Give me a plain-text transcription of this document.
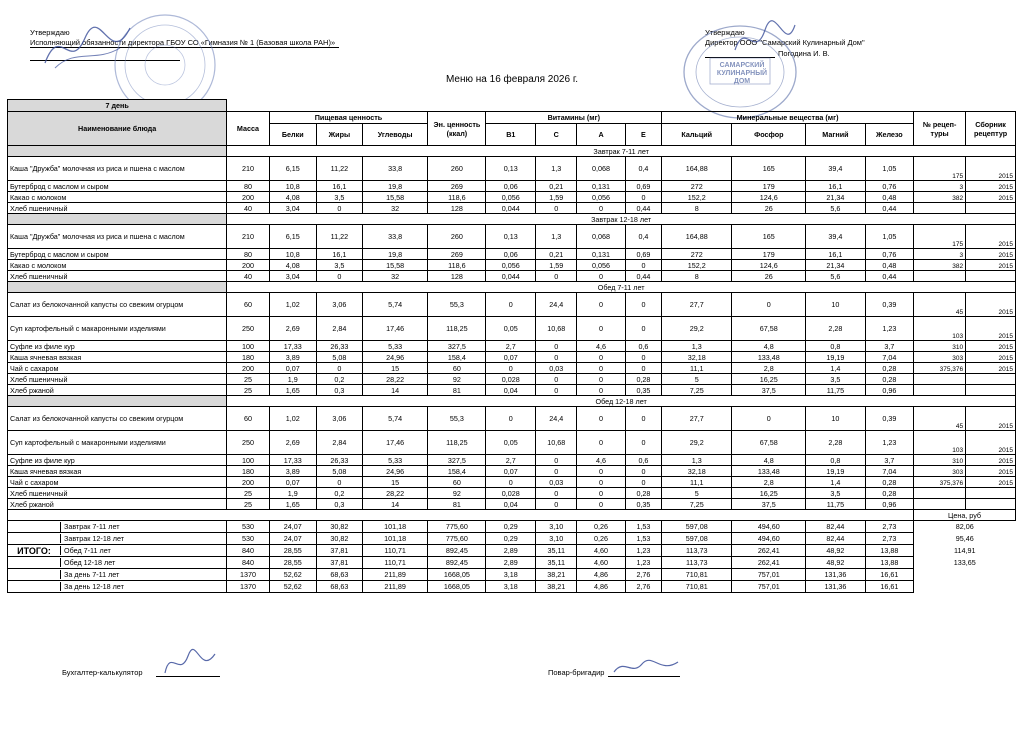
Утверждаю
Исполняющий обязанности директора ГБОУ СО «Гимназия № 1 (Базовая школа РАН)»
Утверждаю
Директор ООО "Самарский Кулинарный Дом"
Погодина И. В.
САМАРСКИЙ КУЛИНАРНЫЙ ДОМ
Меню на 16 февраля 2026 г.
7 день															
Наименование блюда	Масса	Пищевая ценность			Эн. ценность (ккал)	Витамины (мг)				Минеральные вещества (мг)				№ рецеп-туры	Сборник рецептур
		Белки	Жиры	Углеводы		B1	C	A	E	Кальций	Фосфор	Магний	Железо		
	Завтрак 7-11 лет														
Каша "Дружба" молочная из риса и пшена с маслом	210	6,15	11,22	33,8	260	0,13	1,3	0,068	0,4	164,88	165	39,4	1,05	175	2015
Бутерброд с маслом и сыром	80	10,8	16,1	19,8	269	0,06	0,21	0,131	0,69	272	179	16,1	0,76	3	2015
Какао с молоком	200	4,08	3,5	15,58	118,6	0,056	1,59	0,056	0	152,2	124,6	21,34	0,48	382	2015
Хлеб пшеничный	40	3,04	0	32	128	0,044	0	0	0,44	8	26	5,6	0,44		
	Завтрак 12-18 лет														
Каша "Дружба" молочная из риса и пшена с маслом	210	6,15	11,22	33,8	260	0,13	1,3	0,068	0,4	164,88	165	39,4	1,05	175	2015
Бутерброд с маслом и сыром	80	10,8	16,1	19,8	269	0,06	0,21	0,131	0,69	272	179	16,1	0,76	3	2015
Какао с молоком	200	4,08	3,5	15,58	118,6	0,056	1,59	0,056	0	152,2	124,6	21,34	0,48	382	2015
Хлеб пшеничный	40	3,04	0	32	128	0,044	0	0	0,44	8	26	5,6	0,44		
	Обед 7-11 лет														
Салат из белокочанной капусты со свежим огурцом	60	1,02	3,06	5,74	55,3	0	24,4	0	0	27,7	0	10	0,39	45	2015
Суп картофельный с макаронными изделиями	250	2,69	2,84	17,46	118,25	0,05	10,68	0	0	29,2	67,58	2,28	1,23	103	2015
Суфле из филе кур	100	17,33	26,33	5,33	327,5	2,7	0	4,6	0,6	1,3	4,8	0,8	3,7	310	2015
Каша ячневая вязкая	180	3,89	5,08	24,96	158,4	0,07	0	0	0	32,18	133,48	19,19	7,04	303	2015
Чай с сахаром	200	0,07	0	15	60	0	0,03	0	0	11,1	2,8	1,4	0,28	375,376	2015
Хлеб пшеничный	25	1,9	0,2	28,22	92	0,028	0	0	0,28	5	16,25	3,5	0,28		
Хлеб ржаной	25	1,65	0,3	14	81	0,04	0	0	0,35	7,25	37,5	11,75	0,96		
	Обед 12-18 лет														
Салат из белокочанной капусты со свежим огурцом	60	1,02	3,06	5,74	55,3	0	24,4	0	0	27,7	0	10	0,39	45	2015
Суп картофельный с макаронными изделиями	250	2,69	2,84	17,46	118,25	0,05	10,68	0	0	29,2	67,58	2,28	1,23	103	2015
Суфле из филе кур	100	17,33	26,33	5,33	327,5	2,7	0	4,6	0,6	1,3	4,8	0,8	3,7	310	2015
Каша ячневая вязкая	180	3,89	5,08	24,96	158,4	0,07	0	0	0	32,18	133,48	19,19	7,04	303	2015
Чай с сахаром	200	0,07	0	15	60	0	0,03	0	0	11,1	2,8	1,4	0,28	375,376	2015
Хлеб пшеничный	25	1,9	0,2	28,22	92	0,028	0	0	0,28	5	16,25	3,5	0,28		
Хлеб ржаной	25	1,65	0,3	14	81	0,04	0	0	0,35	7,25	37,5	11,75	0,96		
														Цена, руб	

ИТОГО:
Завтрак 7-11 лет	530	24,07	30,82	101,18	775,60	0,29	3,10	0,26	1,53	597,08	494,60	82,44	2,73	82,06	

Завтрак 12-18 лет	530	24,07	30,82	101,18	775,60	0,29	3,10	0,26	1,53	597,08	494,60	82,44	2,73	95,46	

Обед 7-11 лет	840	28,55	37,81	110,71	892,45	2,89	35,11	4,60	1,23	113,73	262,41	48,92	13,88	114,91	

Обед 12-18 лет	840	28,55	37,81	110,71	892,45	2,89	35,11	4,60	1,23	113,73	262,41	48,92	13,88	133,65	

За день 7-11 лет	1370	52,62	68,63	211,89	1668,05	3,18	38,21	4,86	2,76	710,81	757,01	131,36	16,61		

За день 12-18 лет	1370	52,62	68,63	211,89	1668,05	3,18	38,21	4,86	2,76	710,81	757,01	131,36	16,61		
Бухгалтер-калькулятор	Повар-бригадир
